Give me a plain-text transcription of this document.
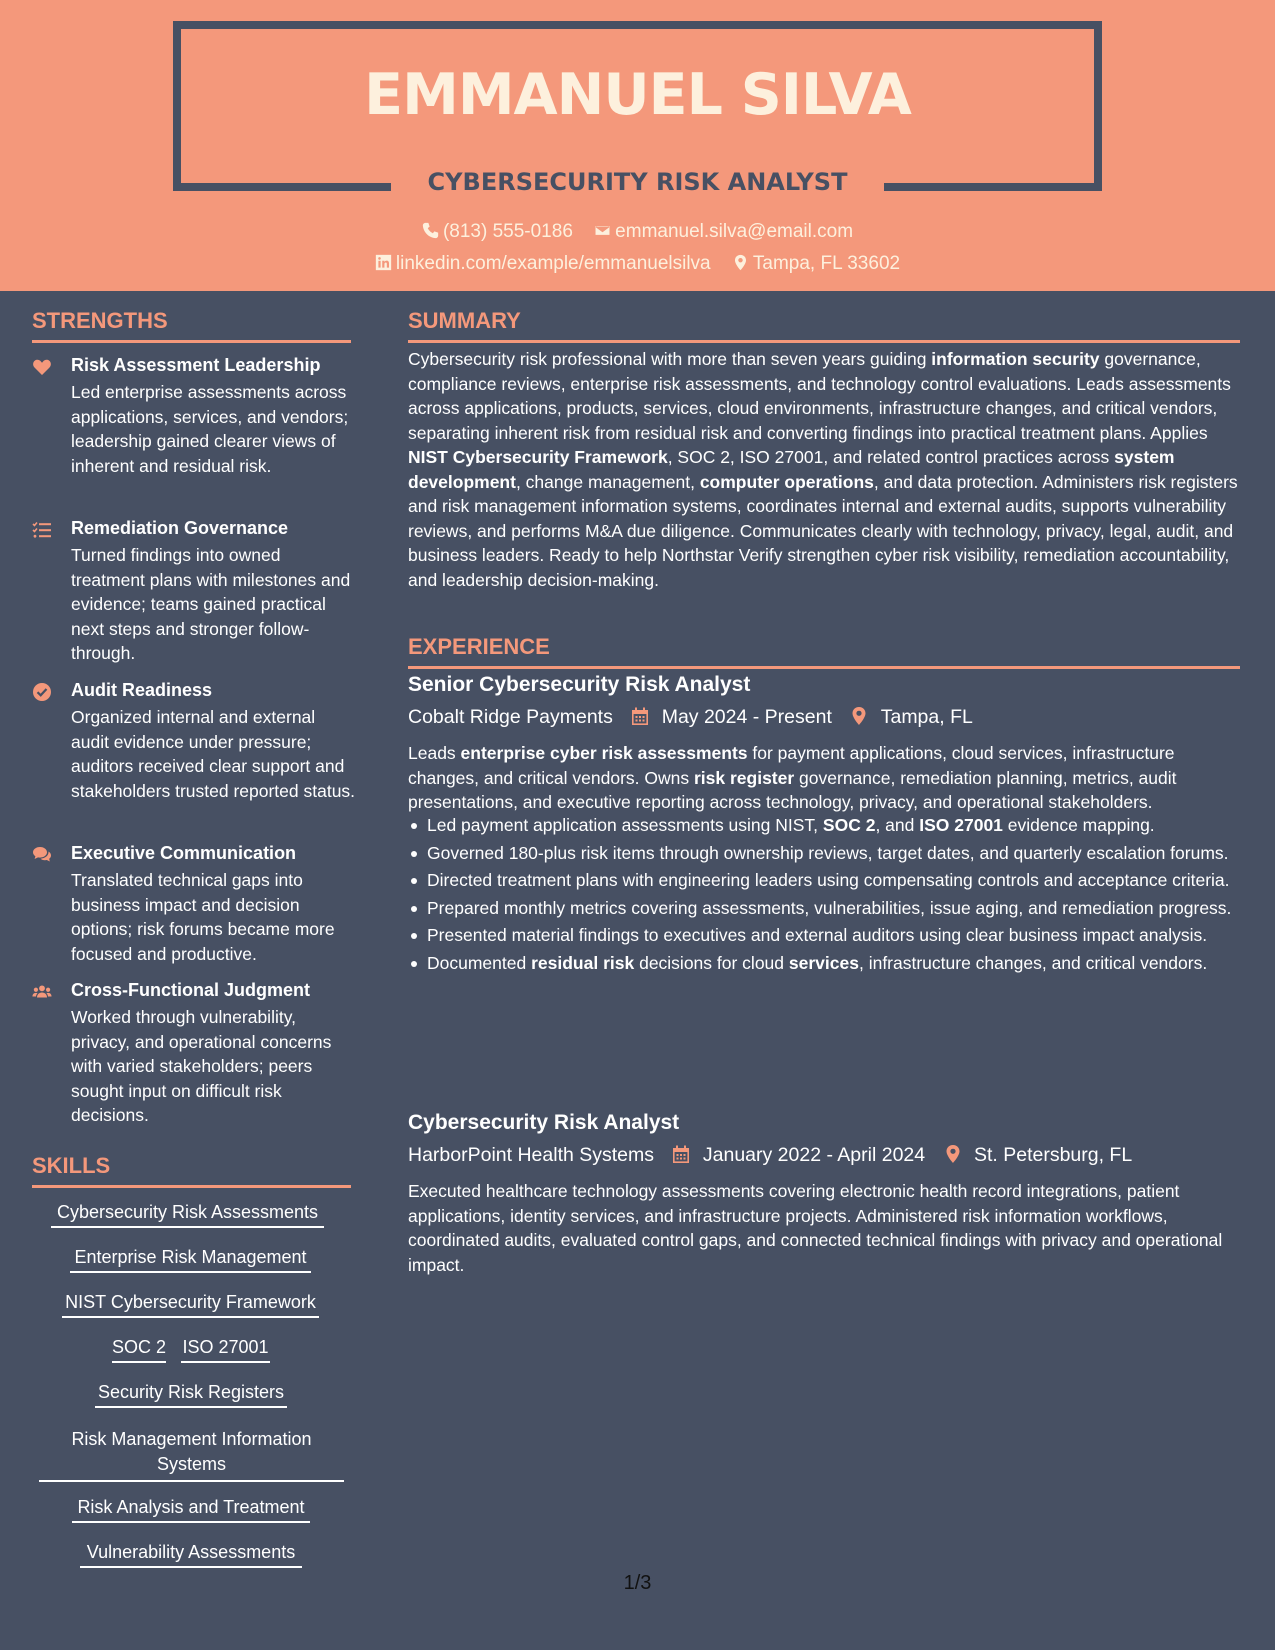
EMMANUEL SILVA
CYBERSECURITY RISK ANALYST
(813) 555-0186 emmanuel.silva@email.com
linkedin.com/example/emmanuelsilva Tampa, FL 33602
STRENGTHS
Risk Assessment Leadership
Led enterprise assessments across applications, services, and vendors; leadership gained clearer views of inherent and residual risk.
Remediation Governance
Turned findings into owned treatment plans with milestones and evidence; teams gained practical next steps and stronger follow-through.
Audit Readiness
Organized internal and external audit evidence under pressure; auditors received clear support and stakeholders trusted reported status.
Executive Communication
Translated technical gaps into business impact and decision options; risk forums became more focused and productive.
Cross-Functional Judgment
Worked through vulnerability, privacy, and operational concerns with varied stakeholders; peers sought input on difficult risk decisions.
SKILLS
Cybersecurity Risk Assessments
Enterprise Risk Management
NIST Cybersecurity Framework
SOC 2 ISO 27001
Security Risk Registers
Risk Management Information Systems
Risk Analysis and Treatment
Vulnerability Assessments
SUMMARY
Cybersecurity risk professional with more than seven years guiding information security governance, compliance reviews, enterprise risk assessments, and technology control evaluations. Leads assessments across applications, products, services, cloud environments, infrastructure changes, and critical vendors, separating inherent risk from residual risk and converting findings into practical treatment plans. Applies NIST Cybersecurity Framework, SOC 2, ISO 27001, and related control practices across system development, change management, computer operations, and data protection. Administers risk registers and risk management information systems, coordinates internal and external audits, supports vulnerability reviews, and performs M&A due diligence. Communicates clearly with technology, privacy, legal, audit, and business leaders. Ready to help Northstar Verify strengthen cyber risk visibility, remediation accountability, and leadership decision-making.
EXPERIENCE
Senior Cybersecurity Risk Analyst
Cobalt Ridge Payments	May 2024 - Present	Tampa, FL
Leads enterprise cyber risk assessments for payment applications, cloud services, infrastructure changes, and critical vendors. Owns risk register governance, remediation planning, metrics, audit presentations, and executive reporting across technology, privacy, and operational stakeholders.
Led payment application assessments using NIST, SOC 2, and ISO 27001 evidence mapping.
Governed 180-plus risk items through ownership reviews, target dates, and quarterly escalation forums.
Directed treatment plans with engineering leaders using compensating controls and acceptance criteria.
Prepared monthly metrics covering assessments, vulnerabilities, issue aging, and remediation progress.
Presented material findings to executives and external auditors using clear business impact analysis.
Documented residual risk decisions for cloud services, infrastructure changes, and critical vendors.
Cybersecurity Risk Analyst
HarborPoint Health Systems	January 2022 - April 2024	St. Petersburg, FL
Executed healthcare technology assessments covering electronic health record integrations, patient applications, identity services, and infrastructure projects. Administered risk information workflows, coordinated audits, evaluated control gaps, and connected technical findings with privacy and operational impact.
1/3
